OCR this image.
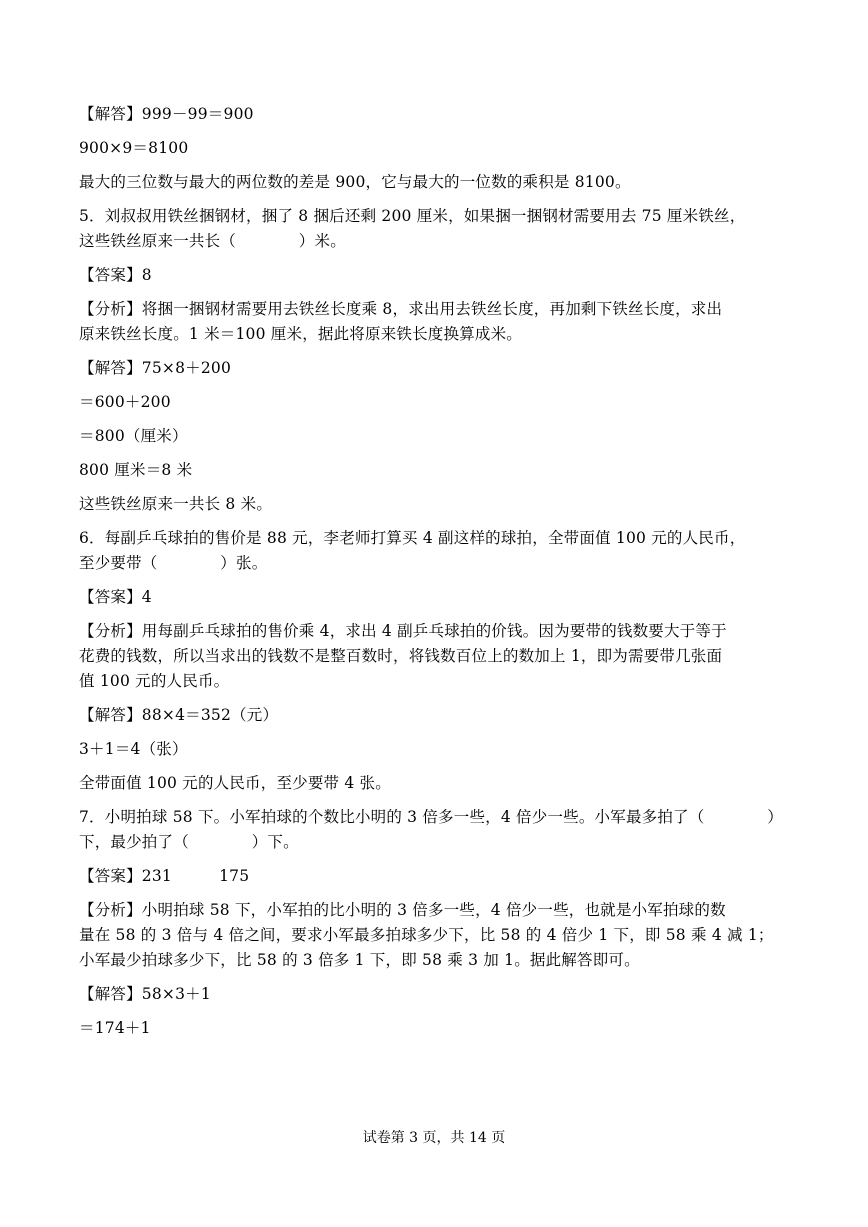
【解答】999－99＝900
900×9＝8100
最大的三位数与最大的两位数的差是 900，它与最大的一位数的乘积是 8100。
5．刘叔叔用铁丝捆钢材，捆了 8 捆后还剩 200 厘米，如果捆一捆钢材需要用去 75 厘米铁丝，
这些铁丝原来一共长（　　　　）米。
【答案】8
【分析】将捆一捆钢材需要用去铁丝长度乘 8，求出用去铁丝长度，再加剩下铁丝长度，求出
原来铁丝长度。1 米＝100 厘米，据此将原来铁长度换算成米。
【解答】75×8＋200
＝600＋200
＝800（厘米）
800 厘米＝8 米
这些铁丝原来一共长 8 米。
6．每副乒乓球拍的售价是 88 元，李老师打算买 4 副这样的球拍，全带面值 100 元的人民币，
至少要带（　　　　）张。
【答案】4
【分析】用每副乒乓球拍的售价乘 4，求出 4 副乒乓球拍的价钱。因为要带的钱数要大于等于
花费的钱数，所以当求出的钱数不是整百数时，将钱数百位上的数加上 1，即为需要带几张面
值 100 元的人民币。
【解答】88×4＝352（元）
3＋1＝4（张）
全带面值 100 元的人民币，至少要带 4 张。
7．小明拍球 58 下。小军拍球的个数比小明的 3 倍多一些，4 倍少一些。小军最多拍了（　　　　）
下，最少拍了（　　　　）下。
【答案】231　　　175
【分析】小明拍球 58 下，小军拍的比小明的 3 倍多一些，4 倍少一些，也就是小军拍球的数
量在 58 的 3 倍与 4 倍之间，要求小军最多拍球多少下，比 58 的 4 倍少 1 下，即 58 乘 4 减 1；
小军最少拍球多少下，比 58 的 3 倍多 1 下，即 58 乘 3 加 1。据此解答即可。
【解答】58×3＋1
＝174＋1
试卷第 3 页，共 14 页
